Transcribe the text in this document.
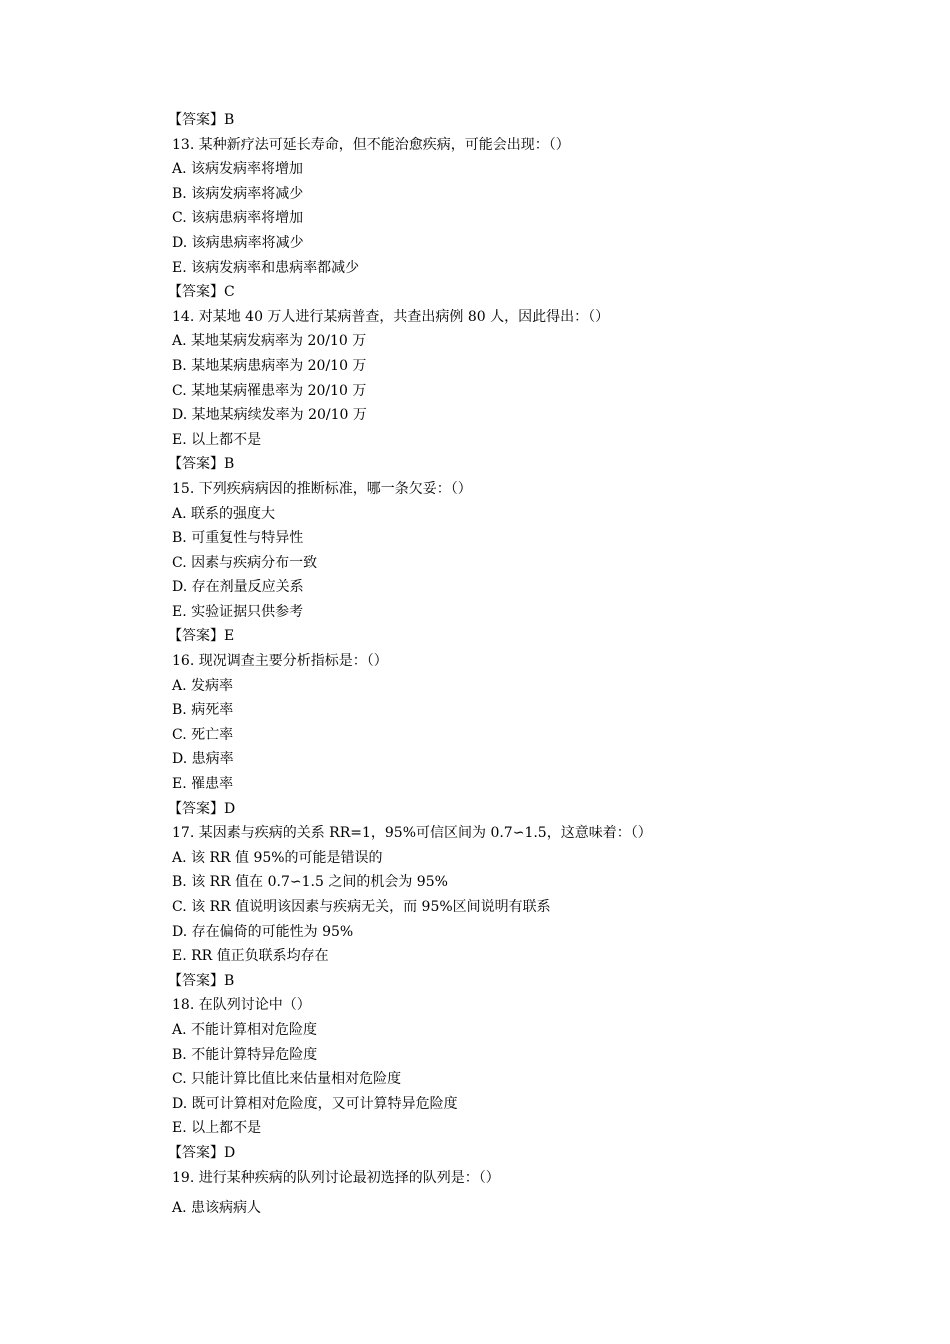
【答案】B
13. 某种新疗法可延长寿命，但不能治愈疾病，可能会出现：（）
A. 该病发病率将增加
B. 该病发病率将减少
C. 该病患病率将增加
D. 该病患病率将减少
E. 该病发病率和患病率都减少
【答案】C
14. 对某地 40 万人进行某病普查，共查出病例 80 人，因此得出：（）
A. 某地某病发病率为 20/10 万
B. 某地某病患病率为 20/10 万
C. 某地某病罹患率为 20/10 万
D. 某地某病续发率为 20/10 万
E. 以上都不是
【答案】B
15. 下列疾病病因的推断标准，哪一条欠妥：（）
A. 联系的强度大
B. 可重复性与特异性
C. 因素与疾病分布一致
D. 存在剂量反应关系
E. 实验证据只供参考
【答案】E
16. 现况调查主要分析指标是：（）
A. 发病率
B. 病死率
C. 死亡率
D. 患病率
E. 罹患率
【答案】D
17. 某因素与疾病的关系 RR=1，95%可信区间为 0.7∽1.5，这意味着：（）
A. 该 RR 值 95%的可能是错误的
B. 该 RR 值在 0.7∽1.5 之间的机会为 95%
C. 该 RR 值说明该因素与疾病无关，而 95%区间说明有联系
D. 存在偏倚的可能性为 95%
E. RR 值正负联系均存在
【答案】B
18. 在队列讨论中（）
A. 不能计算相对危险度
B. 不能计算特异危险度
C. 只能计算比值比来估量相对危险度
D. 既可计算相对危险度，又可计算特异危险度
E. 以上都不是
【答案】D
19. 进行某种疾病的队列讨论最初选择的队列是：（）
A. 患该病病人
